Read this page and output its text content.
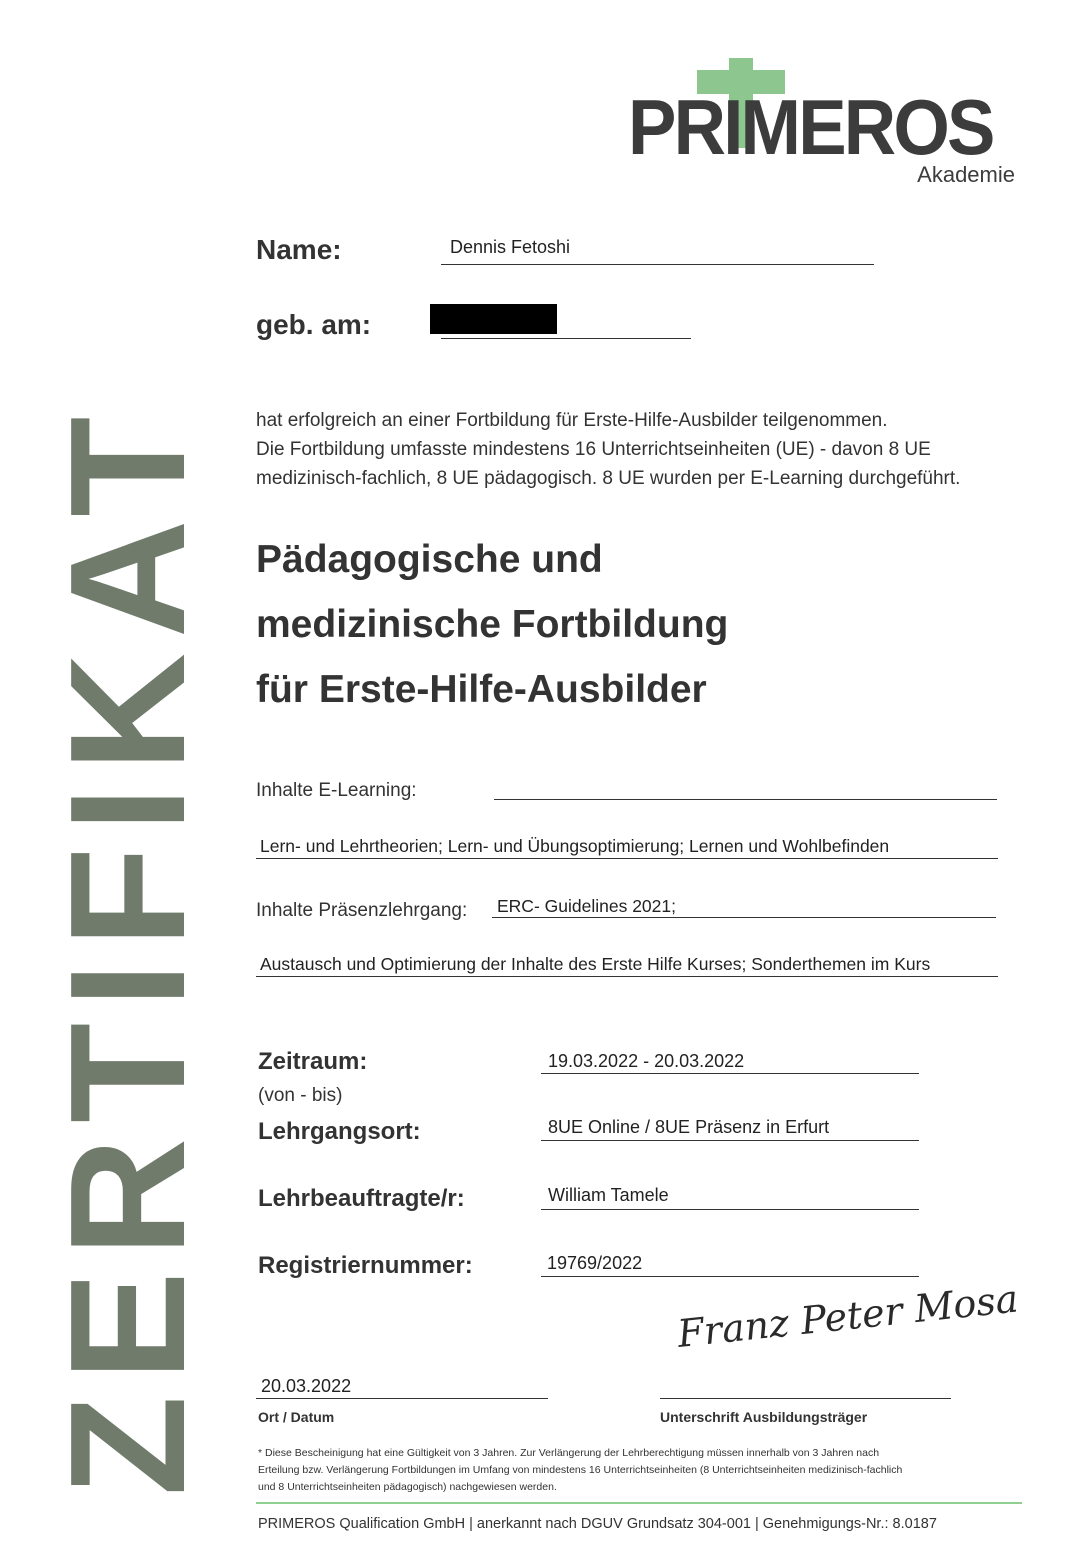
PRIMEROS
Akademie
ZERTIFIKAT
Name:	Dennis Fetoshi
geb. am:
hat erfolgreich an einer Fortbildung für Erste-Hilfe-Ausbilder teilgenommen.
Die Fortbildung umfasste mindestens 16 Unterrichtseinheiten (UE) - davon 8 UE
medizinisch-fachlich, 8 UE pädagogisch. 8 UE wurden per E-Learning durchgeführt.
Pädagogische und
medizinische Fortbildung
für Erste-Hilfe-Ausbilder
Inhalte E-Learning:
Lern- und Lehrtheorien; Lern- und Übungsoptimierung; Lernen und Wohlbefinden
Inhalte Präsenzlehrgang: ERC- Guidelines 2021;
Austausch und Optimierung der Inhalte des Erste Hilfe Kurses; Sonderthemen im Kurs
Zeitraum:
(von - bis)
19.03.2022 - 20.03.2022
Lehrgangsort:	8UE Online / 8UE Präsenz in Erfurt
Lehrbeauftragte/r:	William Tamele
Registriernummer:	19769/2022
20.03.2022
Ort / Datum
Franz Peter Mosa
Unterschrift Ausbildungsträger
* Diese Bescheinigung hat eine Gültigkeit von 3 Jahren. Zur Verlängerung der Lehrberechtigung müssen innerhalb von 3 Jahren nach
Erteilung bzw. Verlängerung Fortbildungen im Umfang von mindestens 16 Unterrichtseinheiten (8 Unterrichtseinheiten medizinisch-fachlich
und 8 Unterrichtseinheiten pädagogisch) nachgewiesen werden.
PRIMEROS Qualification GmbH | anerkannt nach DGUV Grundsatz 304-001 | Genehmigungs-Nr.: 8.0187
